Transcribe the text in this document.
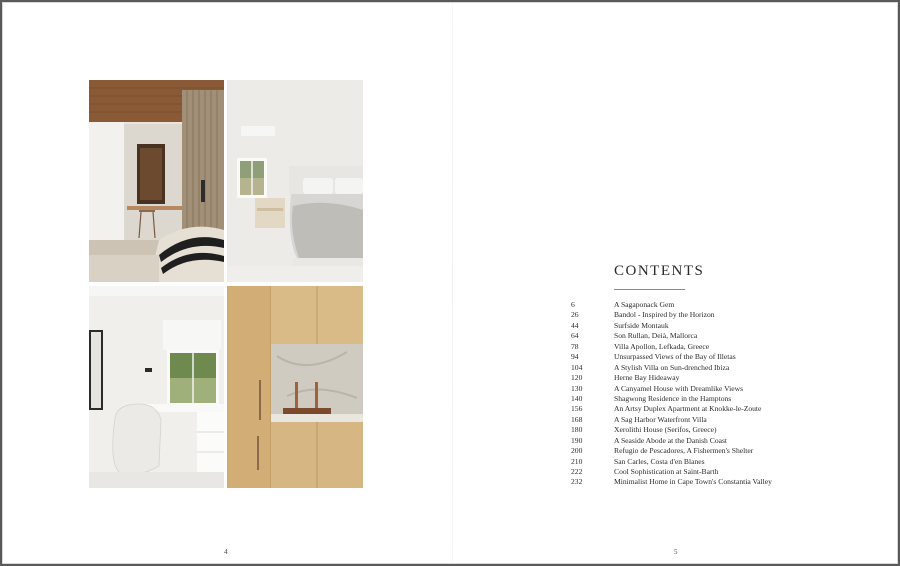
4
CONTENTS
6	A Sagaponack Gem
26	Bandol - Inspired by the Horizon
44	Surfside Montauk
64	Son Rullan, Deià, Mallorca
78	Villa Apollon, Lefkada, Greece
94	Unsurpassed Views of the Bay of Illetas
104	A Stylish Villa on Sun-drenched Ibiza
120	Herne Bay Hideaway
130	A Canyamel House with Dreamlike Views
140	Shagwong Residence in the Hamptons
156	An Artsy Duplex Apartment at Knokke-le-Zoute
168	A Sag Harbor Waterfront Villa
180	Xerolithi House (Serifos, Greece)
190	A Seaside Abode at the Danish Coast
200	Refugio de Pescadores, A Fishermen's Shelter
210	San Carles, Costa d'en Blanes
222	Cool Sophistication at Saint-Barth
232	Minimalist Home in Cape Town's Constantia Valley
5
